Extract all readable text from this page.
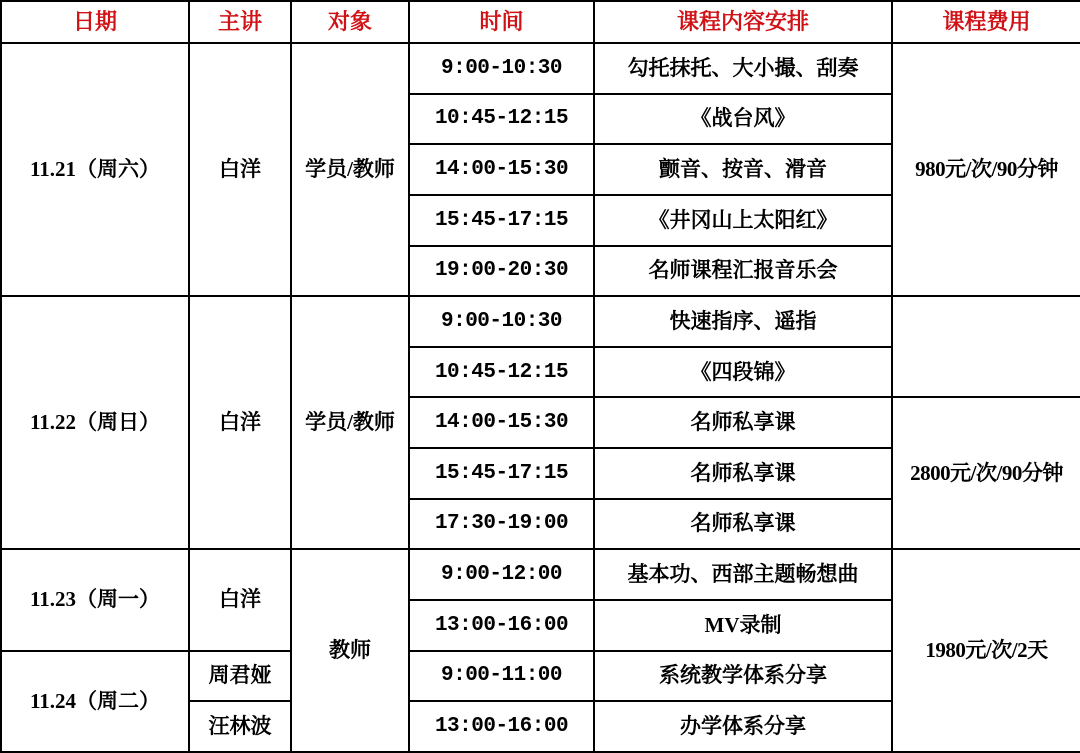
日期	主讲	对象	时间	课程内容安排	课程费用
11.21（周六）	白洋	学员/教师	9:00-10:30	勾托抹托、大小撮、刮奏	980元/次/90分钟
			10:45-12:15	《战台风》	
			14:00-15:30	颤音、按音、滑音	
			15:45-17:15	《井冈山上太阳红》	
			19:00-20:30	名师课程汇报音乐会	
11.22（周日）	白洋	学员/教师	9:00-10:30	快速指序、遥指	
			10:45-12:15	《四段锦》	
			14:00-15:30	名师私享课	2800元/次/90分钟
			15:45-17:15	名师私享课	
			17:30-19:00	名师私享课	
11.23（周一）	白洋	教师	9:00-12:00	基本功、西部主题畅想曲	1980元/次/2天
			13:00-16:00	MV录制	
11.24（周二）	周君娅		9:00-11:00	系统教学体系分享	
	汪林波		13:00-16:00	办学体系分享	
